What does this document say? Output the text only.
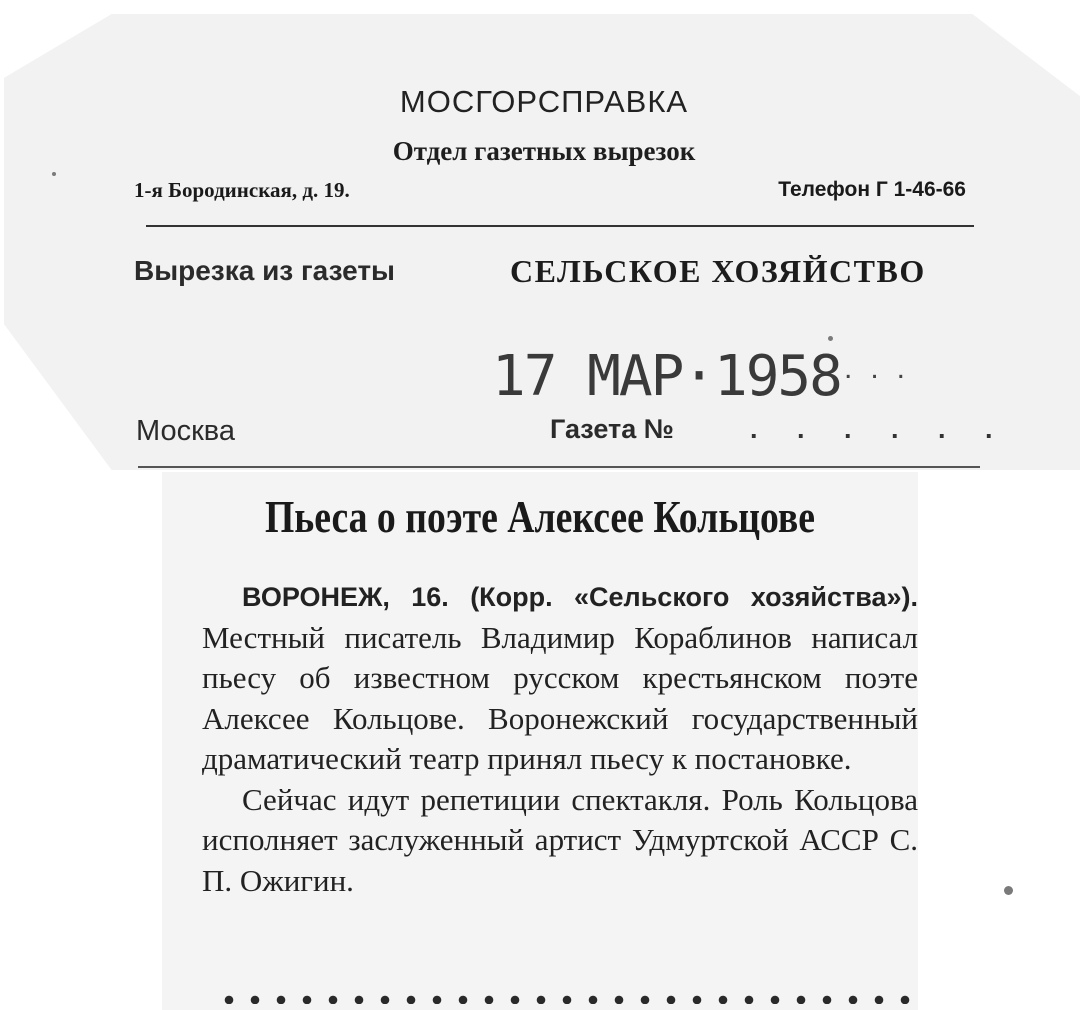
МОСГОРСПРАВКА
Отдел газетных вырезок
1-я Бородинская, д. 19.	Телефон Г 1-46-66
Вырезка из газеты	СЕЛЬСКОЕ ХОЗЯЙСТВО
17 МАР·1958 ...
Москва	Газета №	. . . . . .
Пьеса о поэте Алексее Кольцове

ВОРОНЕЖ, 16. (Корр. «Сельского хозяйства»). Местный писатель Владимир Кораблинов написал пьесу об известном русском крестьянском поэте Алексее Кольцове. Воронежский государственный драматический театр принял пьесу к постановке.

Сейчас идут репетиции спектакля. Роль Кольцова исполняет заслуженный артист Удмуртской АССР С. П. Ожигин.
